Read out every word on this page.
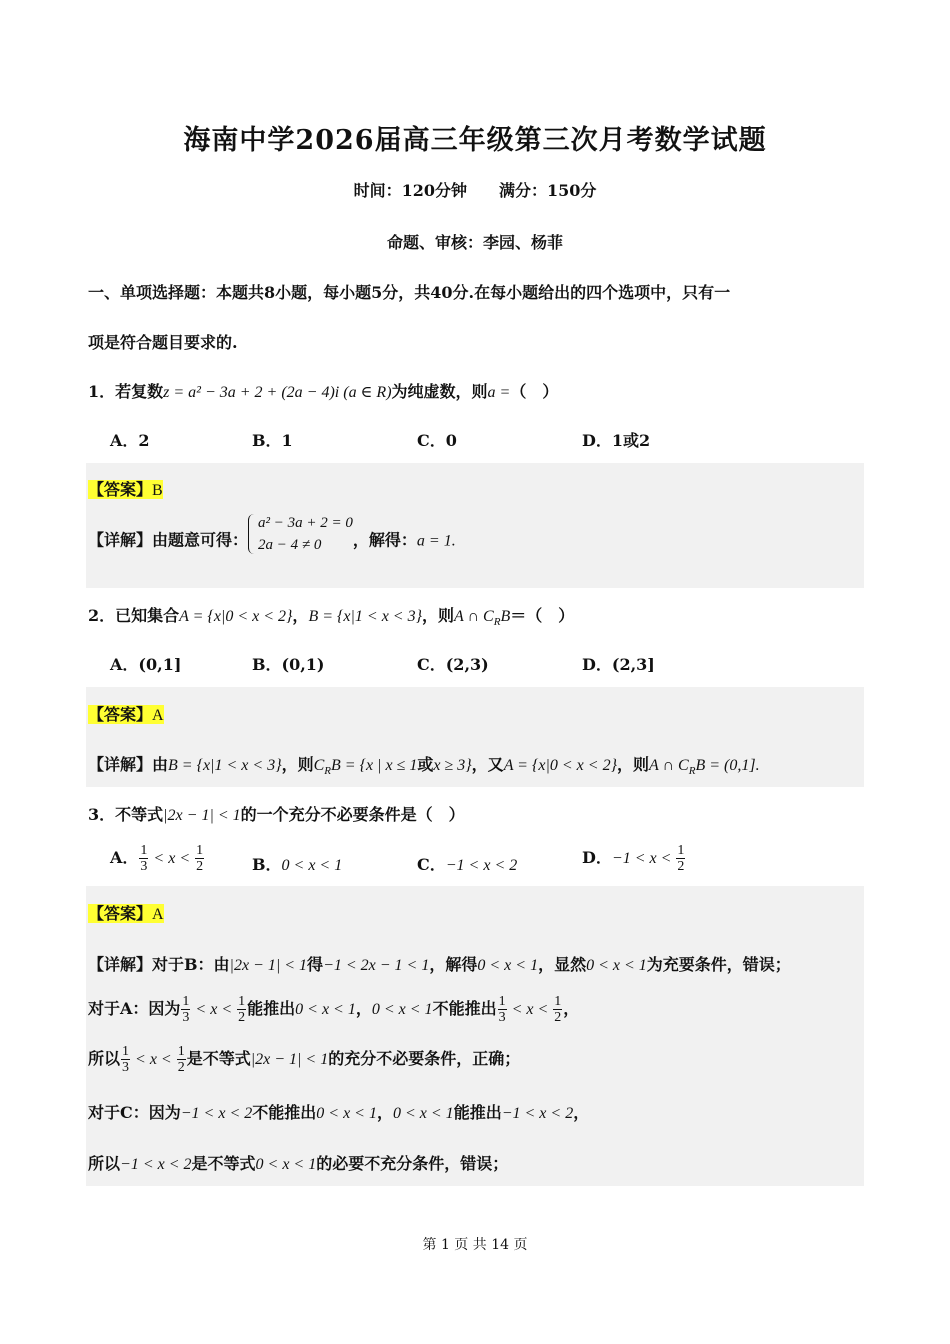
海南中学2026届高三年级第三次月考数学试题
时间：120分钟　　满分：150分
命题、审核：李园、杨菲
一、单项选择题：本题共8小题，每小题5分，共40分.在每小题给出的四个选项中，只有一
项是符合题目要求的.
1．若复数z = a² − 3a + 2 + (2a − 4)i (a ∈ R)为纯虚数，则a =（　）
A．2	B．1	C．0	D．1或2
【答案】B
【详解】由题意可得：
a² − 3a + 2 = 0
2a − 4 ≠ 0	，解得：a = 1.
2．已知集合A = {x|0 < x < 2}，B = {x|1 < x < 3}，则A ∩ $C_RB=$（　）
A．(0,1]	B．(0,1)	C．(2,3)	D．(2,3]
【答案】A
【详解】由B = {x|1 < x < 3}，则$C_RB = \{x$ | x ≤ 1或x ≥ 3}，又A = {x|0 < x < 2}，则A ∩ $C_RB = (0,1]$.
3．不等式|2x − 1| < 1的一个充分不必要条件是（　）
A． $\frac{1}{3} < x < \frac{1}{2}$	B．0 < x < 1	C．−1 < x < 2	D．$-1 < x < \frac{1}{2}$
【答案】A
【详解】对于B：由|2x − 1| < 1得−1 < 2x − 1 < 1，解得0 < x < 1，显然0 < x < 1为充要条件，错误；
对于A：因为 $\frac{1}{3} < x < \frac{1}{2}$ 能推出0 < x < 1，0 < x < 1不能推出 $\frac{1}{3} < x < \frac{1}{2}$ ，
所以 $\frac{1}{3} < x < \frac{1}{2}$ 是不等式|2x − 1| < 1的充分不必要条件，正确；
对于C：因为−1 < x < 2不能推出0 < x < 1，0 < x < 1能推出−1 < x < 2，
所以−1 < x < 2是不等式0 < x < 1的必要不充分条件，错误；
第 1 页 共 14 页
